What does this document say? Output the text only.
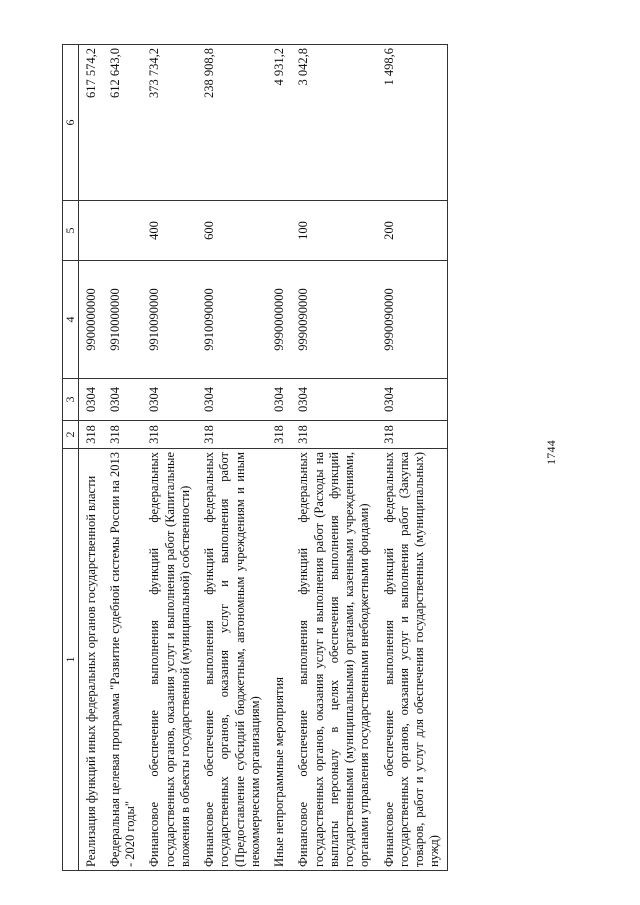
1744
1	2	3	4	5	6
Реализация функций иных федеральных органов государственной власти	318	0304	9900000000		617 574,2
Федеральная целевая программа "Развитие судебной системы России на 2013 - 2020 годы"	318	0304	9910000000		612 643,0
Финансовое обеспечение выполнения функций федеральных государственных органов, оказания услуг и выполнения работ (Капитальные вложения в объекты государственной (муниципальной) собственности)	318	0304	9910090000	400	373 734,2
Финансовое обеспечение выполнения функций федеральных государственных органов, оказания услуг и выполнения работ (Предоставление субсидий бюджетным, автономным учреждениям и иным некоммерческим организациям)	318	0304	9910090000	600	238 908,8
Иные непрограммные мероприятия	318	0304	9990000000		4 931,2
Финансовое обеспечение выполнения функций федеральных государственных органов, оказания услуг и выполнения работ (Расходы на выплаты персоналу в целях обеспечения выполнения функций государственными (муниципальными) органами, казенными учреждениями, органами управления государственными внебюджетными фондами)	318	0304	9990090000	100	3 042,8
Финансовое обеспечение выполнения функций федеральных государственных органов, оказания услуг и выполнения работ (Закупка товаров, работ и услуг для обеспечения государственных (муниципальных) нужд)	318	0304	9990090000	200	1 498,6
